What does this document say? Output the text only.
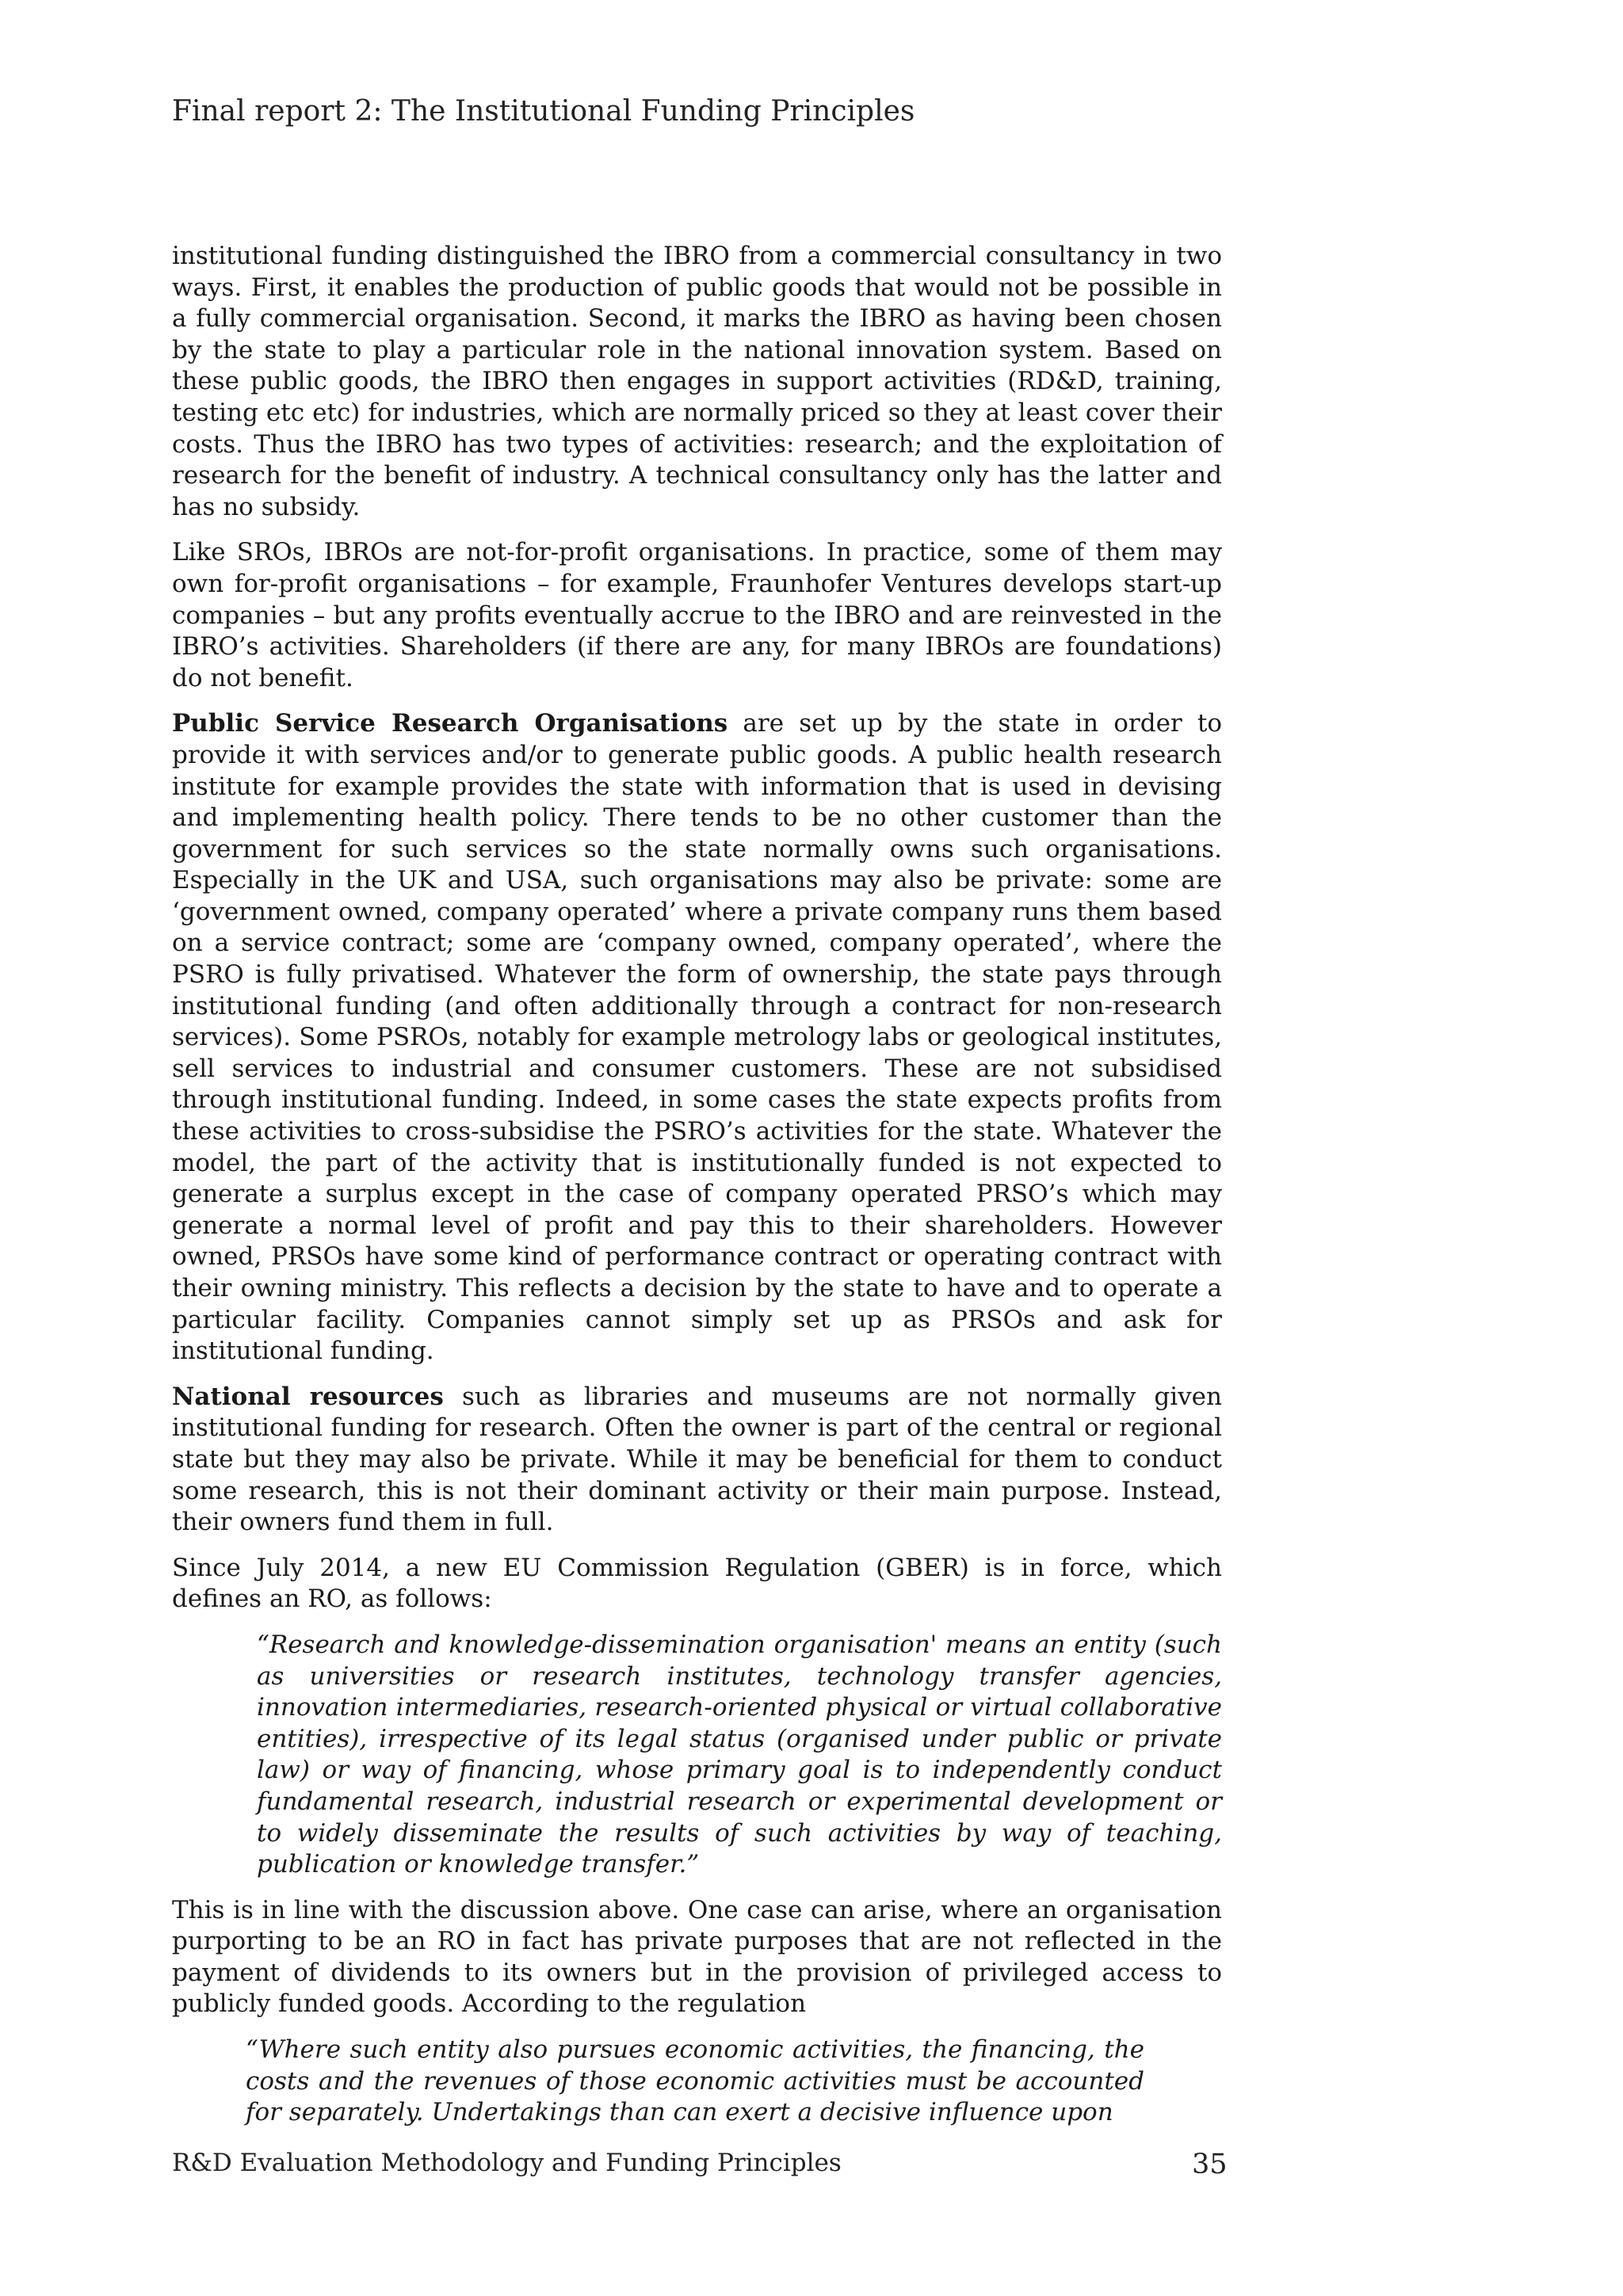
Final report 2: The Institutional Funding Principles

institutional funding distinguished the IBRO from a commercial consultancy in two ways. First, it enables the production of public goods that would not be possible in a fully commercial organisation. Second, it marks the IBRO as having been chosen by the state to play a particular role in the national innovation system. Based on these public goods, the IBRO then engages in support activities (RD&D, training, testing etc etc) for industries, which are normally priced so they at least cover their costs. Thus the IBRO has two types of activities: research; and the exploitation of research for the benefit of industry. A technical consultancy only has the latter and has no subsidy.

Like SROs, IBROs are not-for-profit organisations. In practice, some of them may own for-profit organisations – for example, Fraunhofer Ventures develops start-up companies – but any profits eventually accrue to the IBRO and are reinvested in the IBRO’s activities. Shareholders (if there are any, for many IBROs are foundations) do not benefit.

Public Service Research Organisations are set up by the state in order to provide it with services and/or to generate public goods. A public health research institute for example provides the state with information that is used in devising and implementing health policy. There tends to be no other customer than the government for such services so the state normally owns such organisations. Especially in the UK and USA, such organisations may also be private: some are ‘government owned, company operated’ where a private company runs them based on a service contract; some are ‘company owned, company operated’, where the PSRO is fully privatised. Whatever the form of ownership, the state pays through institutional funding (and often additionally through a contract for non-research services). Some PSROs, notably for example metrology labs or geological institutes, sell services to industrial and consumer customers. These are not subsidised through institutional funding. Indeed, in some cases the state expects profits from these activities to cross-subsidise the PSRO’s activities for the state. Whatever the model, the part of the activity that is institutionally funded is not expected to generate a surplus except in the case of company operated PRSO’s which may generate a normal level of profit and pay this to their shareholders. However owned, PRSOs have some kind of performance contract or operating contract with their owning ministry. This reflects a decision by the state to have and to operate a particular facility. Companies cannot simply set up as PRSOs and ask for institutional funding.

National resources such as libraries and museums are not normally given institutional funding for research. Often the owner is part of the central or regional state but they may also be private. While it may be beneficial for them to conduct some research, this is not their dominant activity or their main purpose. Instead, their owners fund them in full.

Since July 2014, a new EU Commission Regulation (GBER) is in force, which defines an RO, as follows:

“Research and knowledge-dissemination organisation' means an entity (such as universities or research institutes, technology transfer agencies, innovation intermediaries, research-oriented physical or virtual collaborative entities), irrespective of its legal status (organised under public or private law) or way of financing, whose primary goal is to independently conduct fundamental research, industrial research or experimental development or to widely disseminate the results of such activities by way of teaching, publication or knowledge transfer.”

This is in line with the discussion above. One case can arise, where an organisation purporting to be an RO in fact has private purposes that are not reflected in the payment of dividends to its owners but in the provision of privileged access to publicly funded goods. According to the regulation

“Where such entity also pursues economic activities, the financing, the costs and the revenues of those economic activities must be accounted for separately. Undertakings than can exert a decisive influence upon

R&D Evaluation Methodology and Funding Principles	35
